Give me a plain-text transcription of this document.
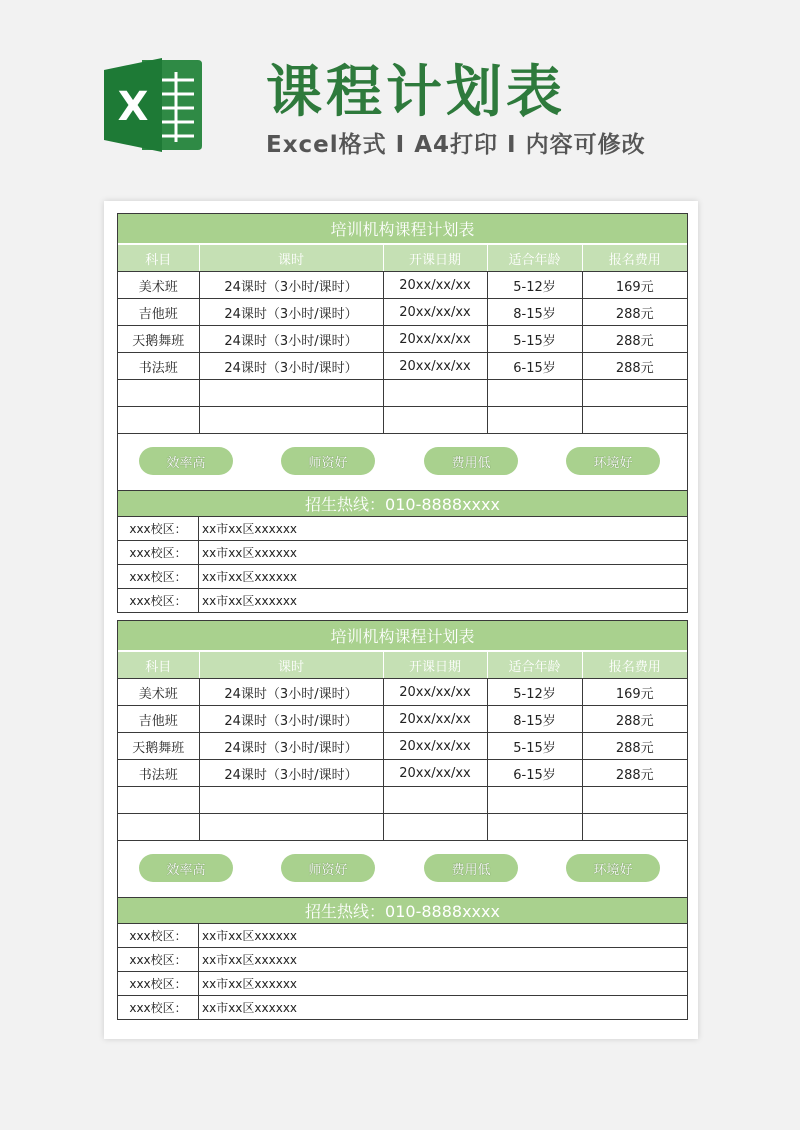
X 课程计划表
Excel格式 I A4打印 I 内容可修改
培训机构课程计划表
科目	课时	开课日期	适合年龄	报名费用
美术班	24课时（3小时/课时）	20xx/xx/xx	5-12岁	169元
吉他班	24课时（3小时/课时）	20xx/xx/xx	8-15岁	288元
天鹅舞班	24课时（3小时/课时）	20xx/xx/xx	5-15岁	288元
书法班	24课时（3小时/课时）	20xx/xx/xx	6-15岁	288元

效率高	师资好	费用低	环境好
招生热线：010-8888xxxx
xxx校区：	xx市xx区xxxxxx
xxx校区：	xx市xx区xxxxxx
xxx校区：	xx市xx区xxxxxx
xxx校区：	xx市xx区xxxxxx
培训机构课程计划表
科目	课时	开课日期	适合年龄	报名费用
美术班	24课时（3小时/课时）	20xx/xx/xx	5-12岁	169元
吉他班	24课时（3小时/课时）	20xx/xx/xx	8-15岁	288元
天鹅舞班	24课时（3小时/课时）	20xx/xx/xx	5-15岁	288元
书法班	24课时（3小时/课时）	20xx/xx/xx	6-15岁	288元

效率高	师资好	费用低	环境好
招生热线：010-8888xxxx
xxx校区：	xx市xx区xxxxxx
xxx校区：	xx市xx区xxxxxx
xxx校区：	xx市xx区xxxxxx
xxx校区：	xx市xx区xxxxxx
